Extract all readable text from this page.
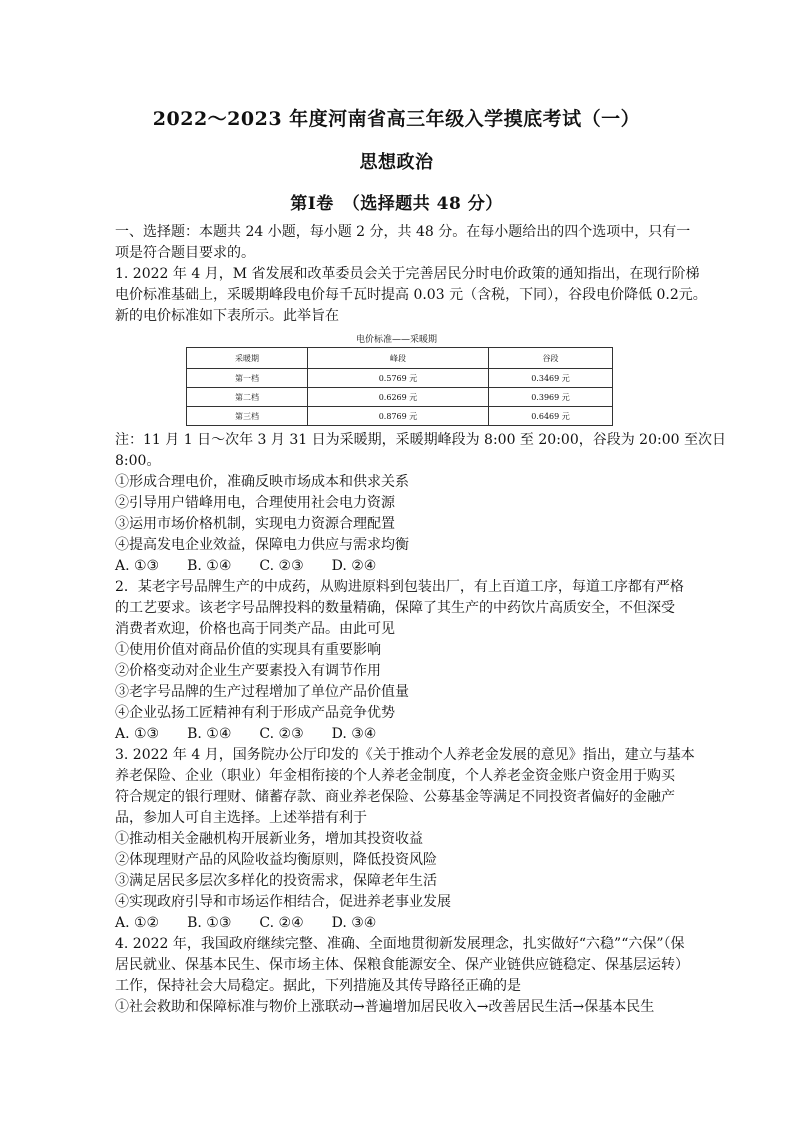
2022～2023 年度河南省高三年级入学摸底考试（一）
思想政治
第Ⅰ卷　（选择题共 48 分）
一、选择题：本题共 24 小题，每小题 2 分，共 48 分。在每小题给出的四个选项中，只有一
项是符合题目要求的。
1. 2022 年 4 月，M 省发展和改革委员会关于完善居民分时电价政策的通知指出，在现行阶梯
电价标准基础上，采暖期峰段电价每千瓦时提高 0.03 元（含税，下同），谷段电价降低 0.2元。
新的电价标准如下表所示。此举旨在
电价标准——采暖期
采暖期	峰段	谷段
第一档	0.5769 元	0.3469 元
第二档	0.6269 元	0.3969 元
第三档	0.8769 元	0.6469 元
注：11 月 1 日～次年 3 月 31 日为采暖期，采暖期峰段为 8:00 至 20:00，谷段为 20:00 至次日
8:00。
①形成合理电价，准确反映市场成本和供求关系
②引导用户错峰用电，合理使用社会电力资源
③运用市场价格机制，实现电力资源合理配置
④提高发电企业效益，保障电力供应与需求均衡
A. ①③　　B. ①④　　C. ②③　　D. ②④
2．某老字号品牌生产的中成药，从购进原料到包装出厂，有上百道工序，每道工序都有严格
的工艺要求。该老字号品牌投料的数量精确，保障了其生产的中药饮片高质安全，不但深受
消费者欢迎，价格也高于同类产品。由此可见
①使用价值对商品价值的实现具有重要影响
②价格变动对企业生产要素投入有调节作用
③老字号品牌的生产过程增加了单位产品价值量
④企业弘扬工匠精神有利于形成产品竞争优势
A. ①③　　B. ①④　　C. ②③　　D. ③④
3. 2022 年 4 月，国务院办公厅印发的《关于推动个人养老金发展的意见》指出，建立与基本
养老保险、企业（职业）年金相衔接的个人养老金制度，个人养老金资金账户资金用于购买
符合规定的银行理财、储蓄存款、商业养老保险、公募基金等满足不同投资者偏好的金融产
品，参加人可自主选择。上述举措有利于
①推动相关金融机构开展新业务，增加其投资收益
②体现理财产品的风险收益均衡原则，降低投资风险
③满足居民多层次多样化的投资需求，保障老年生活
④实现政府引导和市场运作相结合，促进养老事业发展
A. ①②　　B. ①③　　C. ②④　　D. ③④
4. 2022 年，我国政府继续完整、准确、全面地贯彻新发展理念，扎实做好“六稳”“六保”（保
居民就业、保基本民生、保市场主体、保粮食能源安全、保产业链供应链稳定、保基层运转）
工作，保持社会大局稳定。据此，下列措施及其传导路径正确的是
①社会救助和保障标准与物价上涨联动→普遍增加居民收入→改善居民生活→保基本民生
